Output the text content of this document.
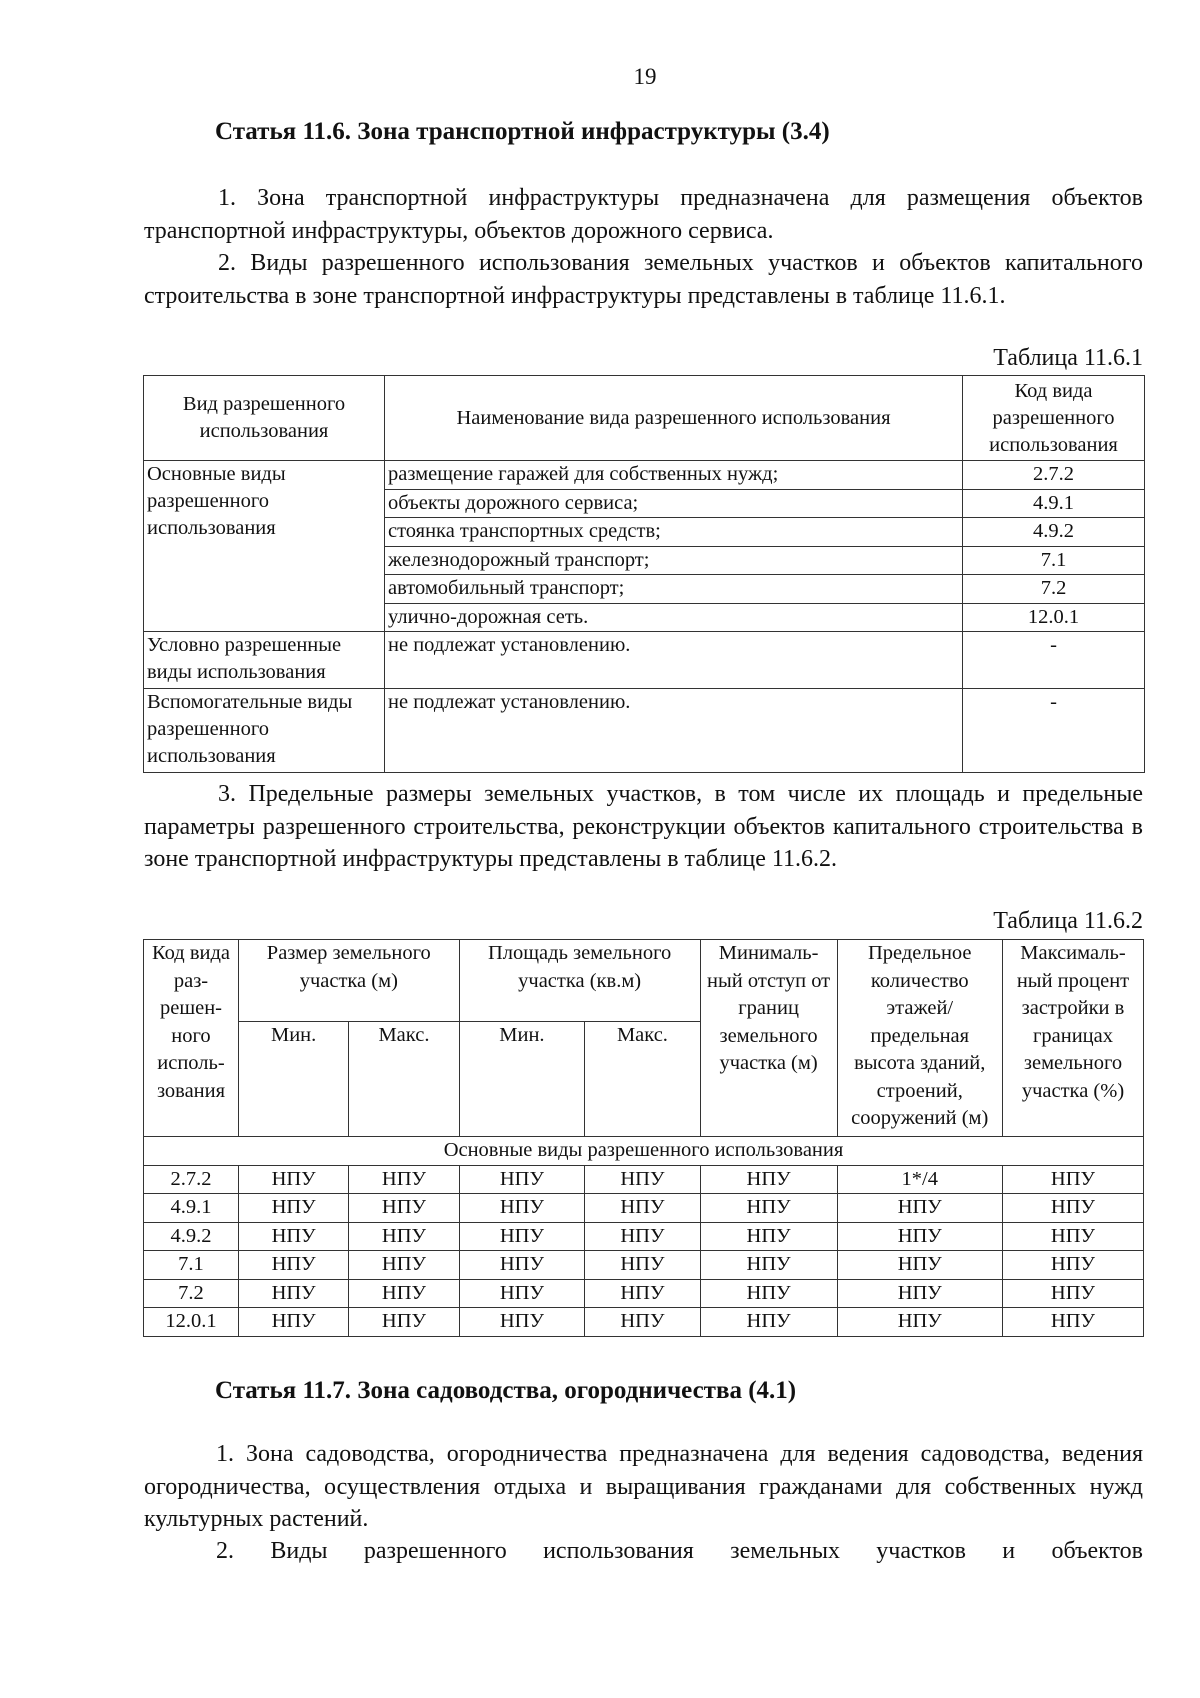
19
Статья 11.6. Зона транспортной инфраструктуры (3.4)
1. Зона транспортной инфраструктуры предназначена для размещения объектов транспортной инфраструктуры, объектов дорожного сервиса.
2. Виды разрешенного использования земельных участков и объектов капитального строительства в зоне транспортной инфраструктуры представлены в таблице 11.6.1.
Таблица 11.6.1
Вид разрешенного использования	Наименование вида разрешенного использования	Код вида разрешенного использования
Основные виды разрешенного использования	размещение гаражей для собственных нужд;	2.7.2
	объекты дорожного сервиса;	4.9.1
	стоянка транспортных средств;	4.9.2
	железнодорожный транспорт;	7.1
	автомобильный транспорт;	7.2
	улично-дорожная сеть.	12.0.1
Условно разрешенные виды использования	не подлежат установлению.	-
Вспомогательные виды разрешенного использования	не подлежат установлению.	-
3. Предельные размеры земельных участков, в том числе их площадь и предельные параметры разрешенного строительства, реконструкции объектов капитального строительства в зоне транспортной инфраструктуры представлены в таблице 11.6.2.
Таблица 11.6.2
Код вида раз-решен-ного исполь-зования	Размер земельного участка (м)		Площадь земельного участка (кв.м)		Минималь-ный отступ от границ земельного участка (м)	Предельное количество этажей/ предельная высота зданий, строений, сооружений (м)	Максималь-ный процент застройки в границах земельного участка (%)
	Мин.	Макс.	Мин.	Макс.			
Основные виды разрешенного использования							
2.7.2	НПУ	НПУ	НПУ	НПУ	НПУ	1*/4	НПУ
4.9.1	НПУ	НПУ	НПУ	НПУ	НПУ	НПУ	НПУ
4.9.2	НПУ	НПУ	НПУ	НПУ	НПУ	НПУ	НПУ
7.1	НПУ	НПУ	НПУ	НПУ	НПУ	НПУ	НПУ
7.2	НПУ	НПУ	НПУ	НПУ	НПУ	НПУ	НПУ
12.0.1	НПУ	НПУ	НПУ	НПУ	НПУ	НПУ	НПУ
Статья 11.7. Зона садоводства, огородничества (4.1)
1. Зона садоводства, огородничества предназначена для ведения садоводства, ведения огородничества, осуществления отдыха и выращивания гражданами для собственных нужд культурных растений.
2. Виды разрешенного использования земельных участков и объектов
